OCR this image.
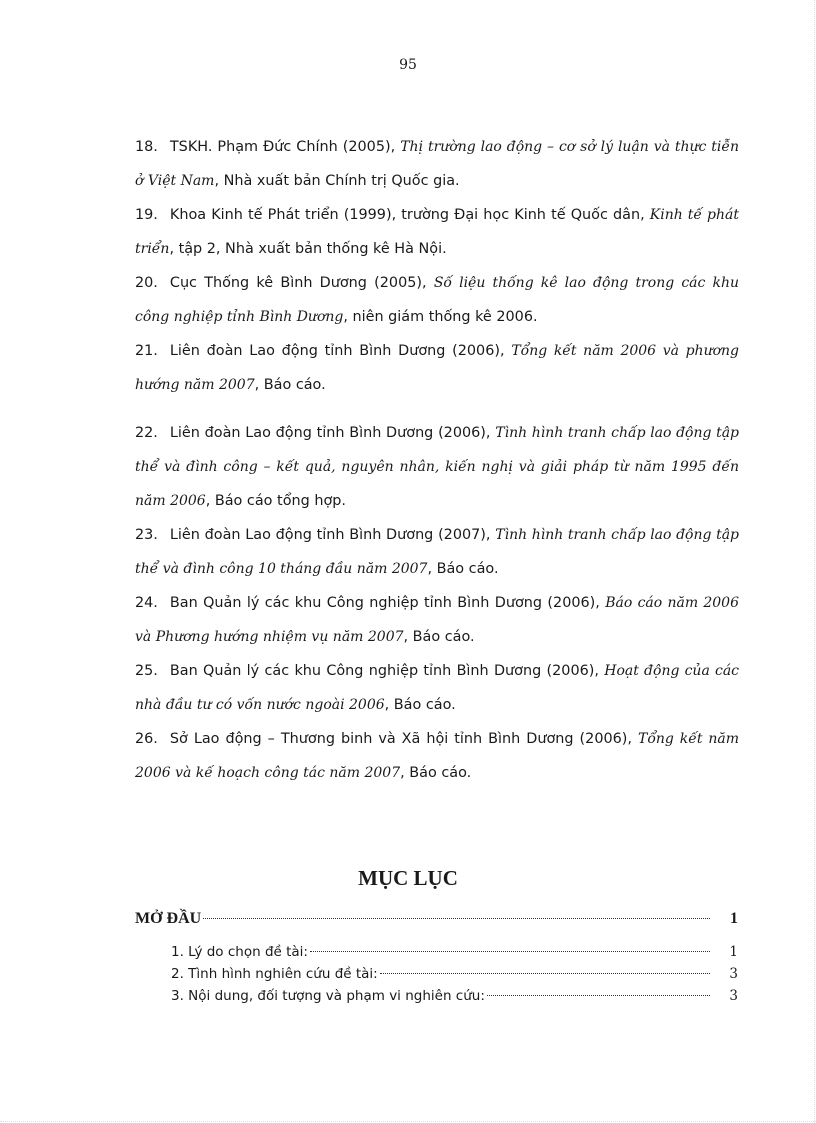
95

18. TSKH. Phạm Đức Chính (2005), Thị trường lao động – cơ sở lý luận và thực tiễn ở Việt Nam, Nhà xuất bản Chính trị Quốc gia.

19. Khoa Kinh tế Phát triển (1999), trường Đại học Kinh tế Quốc dân, Kinh tế phát triển, tập 2, Nhà xuất bản thống kê Hà Nội.

20. Cục Thống kê Bình Dương (2005), Số liệu thống kê lao động trong các khu công nghiệp tỉnh Bình Dương, niên giám thống kê 2006.

21. Liên đoàn Lao động tỉnh Bình Dương (2006), Tổng kết năm 2006 và phương hướng năm 2007, Báo cáo.

22. Liên đoàn Lao động tỉnh Bình Dương (2006), Tình hình tranh chấp lao động tập thể và đình công – kết quả, nguyên nhân, kiến nghị và giải pháp từ năm 1995 đến năm 2006, Báo cáo tổng hợp.

23. Liên đoàn Lao động tỉnh Bình Dương (2007), Tình hình tranh chấp lao động tập thể và đình công 10 tháng đầu năm 2007, Báo cáo.

24. Ban Quản lý các khu Công nghiệp tỉnh Bình Dương (2006), Báo cáo năm 2006 và Phương hướng nhiệm vụ năm 2007, Báo cáo.

25. Ban Quản lý các khu Công nghiệp tỉnh Bình Dương (2006), Hoạt động của các nhà đầu tư có vốn nước ngoài 2006, Báo cáo.

26. Sở Lao động – Thương binh và Xã hội tỉnh Bình Dương (2006), Tổng kết năm 2006 và kế hoạch công tác năm 2007, Báo cáo.

MỤC LỤC
MỞ ĐẦU	1
1. Lý do chọn đề tài:	1
2. Tình hình nghiên cứu đề tài:	3
3. Nội dung, đối tượng và phạm vi nghiên cứu:	3
